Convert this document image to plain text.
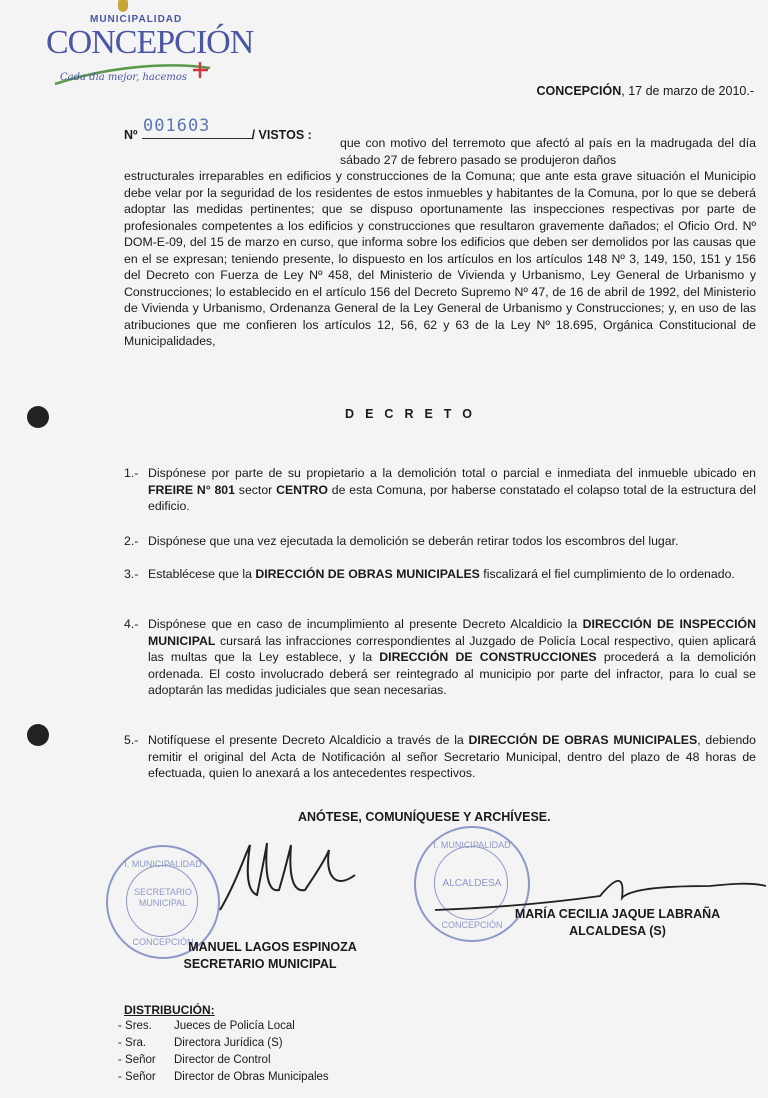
MUNICIPALIDAD
CONCEPCIÓN
Cada día mejor, hacemos
CONCEPCIÓN, 17 de marzo de 2010.-
Nº	/ VISTOS :
001603
que con motivo del terremoto que afectó al país en la madrugada del día sábado 27 de febrero pasado se produjeron daños
estructurales irreparables en edificios y construcciones de la Comuna; que ante esta grave situación el Municipio debe velar por la seguridad de los residentes de estos inmuebles y habitantes de la Comuna, por lo que se deberá adoptar las medidas pertinentes; que se dispuso oportunamente las inspecciones respectivas por parte de profesionales competentes a los edificios y construcciones que resultaron gravemente dañados; el Oficio Ord. Nº DOM-E-09, del 15 de marzo en curso, que informa sobre los edificios que deben ser demolidos por las causas que en el se expresan; teniendo presente, lo dispuesto en los artículos en los artículos 148 Nº 3, 149, 150, 151 y 156 del Decreto con Fuerza de Ley Nº 458, del Ministerio de Vivienda y Urbanismo, Ley General de Urbanismo y Construcciones; lo establecido en el artículo 156 del Decreto Supremo Nº 47, de 16 de abril de 1992, del Ministerio de Vivienda y Urbanismo, Ordenanza General de la Ley General de Urbanismo y Construcciones; y, en uso de las atribuciones que me confieren los artículos 12, 56, 62 y 63 de la Ley Nº 18.695, Orgánica Constitucional de Municipalidades,
DECRETO
1.- Dispónese por parte de su propietario a la demolición total o parcial e inmediata del inmueble ubicado en FREIRE N° 801 sector CENTRO de esta Comuna, por haberse constatado el colapso total de la estructura del edificio.
2.- Dispónese que una vez ejecutada la demolición se deberán retirar todos los escombros del lugar.
3.- Establécese que la DIRECCIÓN DE OBRAS MUNICIPALES fiscalizará el fiel cumplimiento de lo ordenado.
4.- Dispónese que en caso de incumplimiento al presente Decreto Alcaldicio la DIRECCIÓN DE INSPECCIÓN MUNICIPAL cursará las infracciones correspondientes al Juzgado de Policía Local respectivo, quien aplicará las multas que la Ley establece, y la DIRECCIÓN DE CONSTRUCCIONES procederá a la demolición ordenada. El costo involucrado deberá ser reintegrado al municipio por parte del infractor, para lo cual se adoptarán las medidas judiciales que sean necesarias.
5.- Notifíquese el presente Decreto Alcaldicio a través de la DIRECCIÓN DE OBRAS MUNICIPALES, debiendo remitir el original del Acta de Notificación al señor Secretario Municipal, dentro del plazo de 48 horas de efectuada, quien lo anexará a los antecedentes respectivos.
ANÓTESE, COMUNÍQUESE Y ARCHÍVESE.
I. MUNICIPALIDAD
SECRETARIO MUNICIPAL
CONCEPCIÓN
MANUEL LAGOS ESPINOZA
SECRETARIO MUNICIPAL
I. MUNICIPALIDAD
ALCALDESA
CONCEPCIÓN
MARÍA CECILIA JAQUE LABRAÑA
ALCALDESA (S)
DISTRIBUCIÓN:
- Sres. Jueces de Policía Local
- Sra. Directora Jurídica (S)
- Señor Director de Control
- Señor Director de Obras Municipales
